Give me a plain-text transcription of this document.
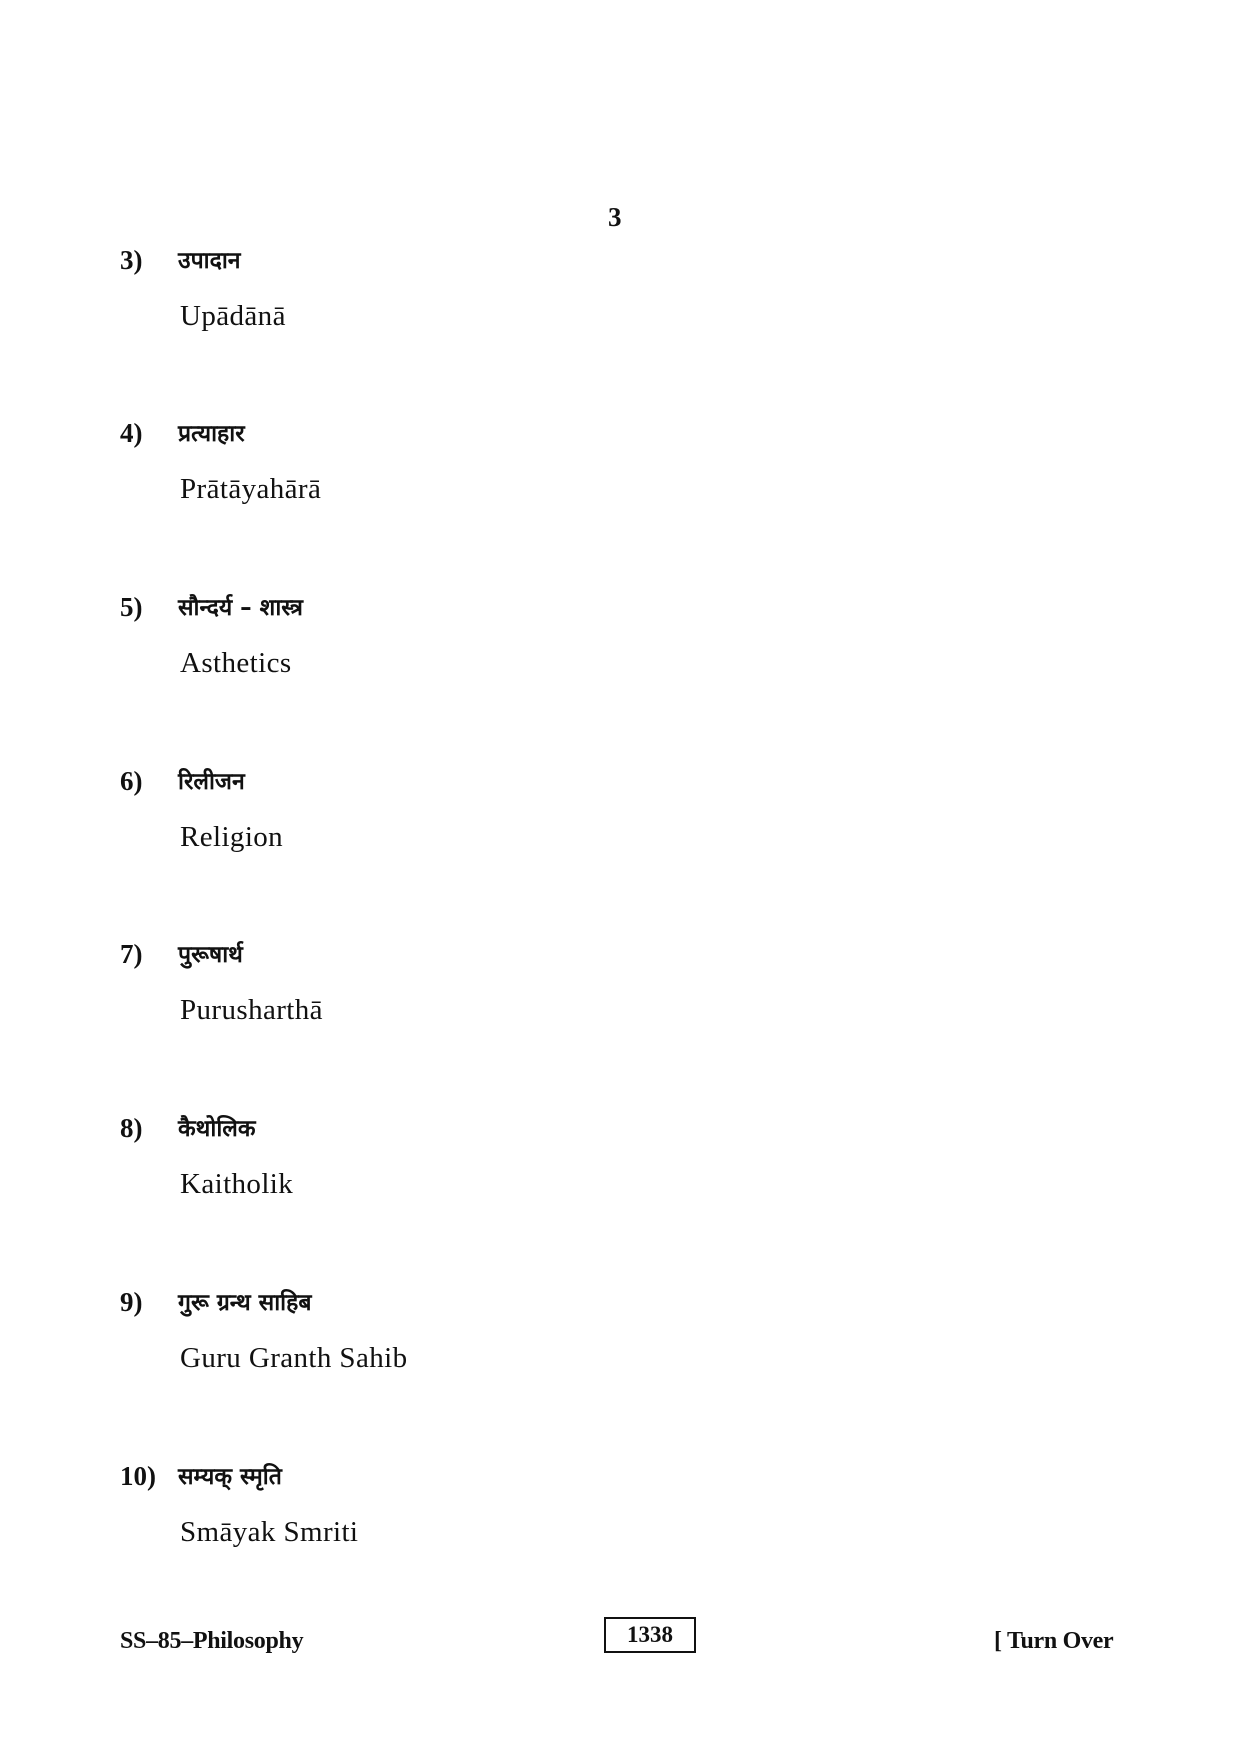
3
3) उपादान
Upādānā
4) प्रत्याहार
Prātāyahārā
5) सौन्दर्य – शास्त्र
Asthetics
6) रिलीजन
Religion
7) पुरूषार्थ
Purusharthā
8) कैथोलिक
Kaitholik
9) गुरू ग्रन्थ साहिब
Guru Granth Sahib
10) सम्यक् स्मृति
Smāyak Smriti
SS–85–Philosophy	1338	[ Turn Over
